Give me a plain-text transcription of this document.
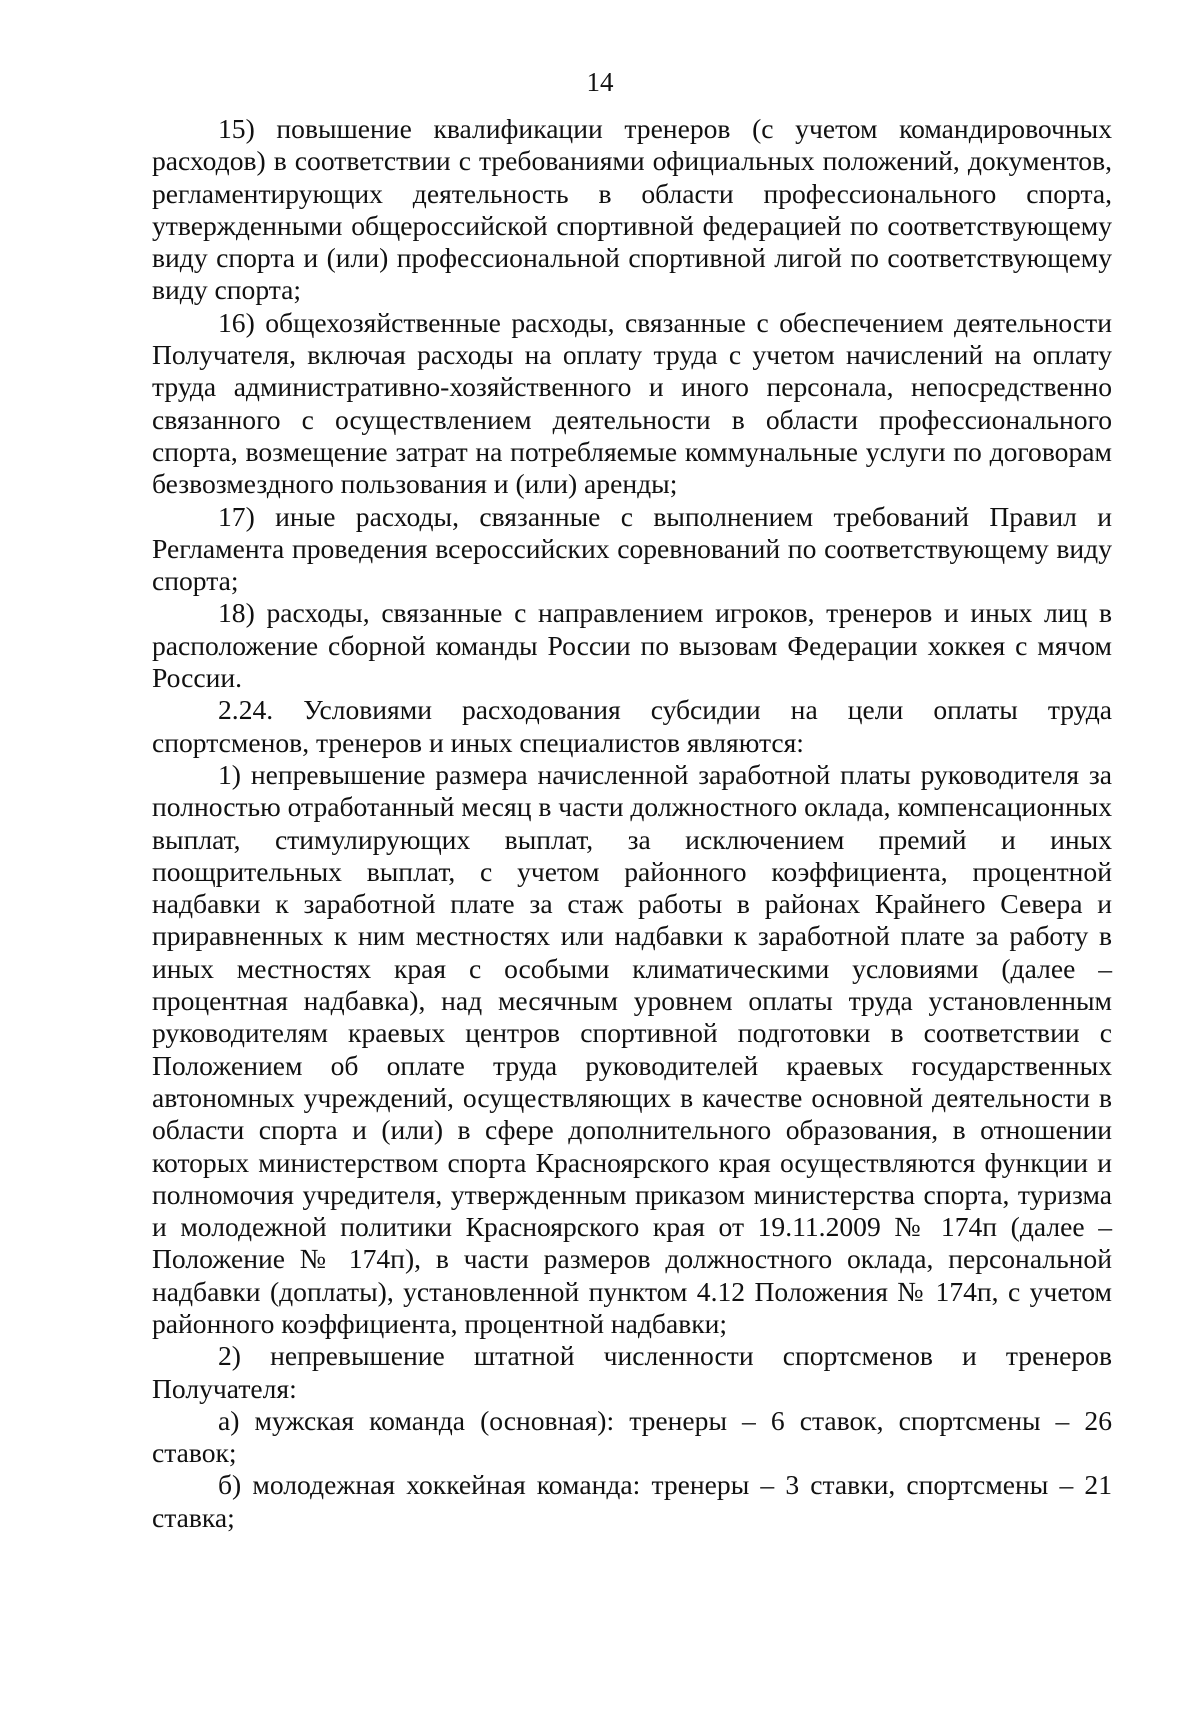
14

15) повышение квалификации тренеров (с учетом командировочных расходов) в соответствии с требованиями официальных положений, документов, регламентирующих деятельность в области профессионального спорта, утвержденными общероссийской спортивной федерацией по соответствующему виду спорта и (или) профессиональной спортивной лигой по соответствующему виду спорта;

16) общехозяйственные расходы, связанные с обеспечением деятельности Получателя, включая расходы на оплату труда с учетом начислений на оплату труда административно-хозяйственного и иного персонала, непосредственно связанного с осуществлением деятельности в области профессионального спорта, возмещение затрат на потребляемые коммунальные услуги по договорам безвозмездного пользования и (или) аренды;

17) иные расходы, связанные с выполнением требований Правил и Регламента проведения всероссийских соревнований по соответствующему виду спорта;

18) расходы, связанные с направлением игроков, тренеров и иных лиц в расположение сборной команды России по вызовам Федерации хоккея с мячом России.

2.24. Условиями расходования субсидии на цели оплаты труда спортсменов, тренеров и иных специалистов являются:

1) непревышение размера начисленной заработной платы руководителя за полностью отработанный месяц в части должностного оклада, компенсационных выплат, стимулирующих выплат, за исключением премий и иных поощрительных выплат, с учетом районного коэффициента, процентной надбавки к заработной плате за стаж работы в районах Крайнего Севера и приравненных к ним местностях или надбавки к заработной плате за работу в иных местностях края с особыми климатическими условиями (далее – процентная надбавка), над месячным уровнем оплаты труда установленным руководителям краевых центров спортивной подготовки в соответствии с Положением об оплате труда руководителей краевых государственных автономных учреждений, осуществляющих в качестве основной деятельности в области спорта и (или) в сфере дополнительного образования, в отношении которых министерством спорта Красноярского края осуществляются функции и полномочия учредителя, утвержденным приказом министерства спорта, туризма и молодежной политики Красноярского края от 19.11.2009 № 174п (далее – Положение № 174п), в части размеров должностного оклада, персональной надбавки (доплаты), установленной пунктом 4.12 Положения № 174п, с учетом районного коэффициента, процентной надбавки;

2) непревышение штатной численности спортсменов и тренеров Получателя:

а) мужская команда (основная): тренеры – 6 ставок, спортсмены – 26 ставок;

б) молодежная хоккейная команда: тренеры – 3 ставки, спортсмены – 21 ставка;
